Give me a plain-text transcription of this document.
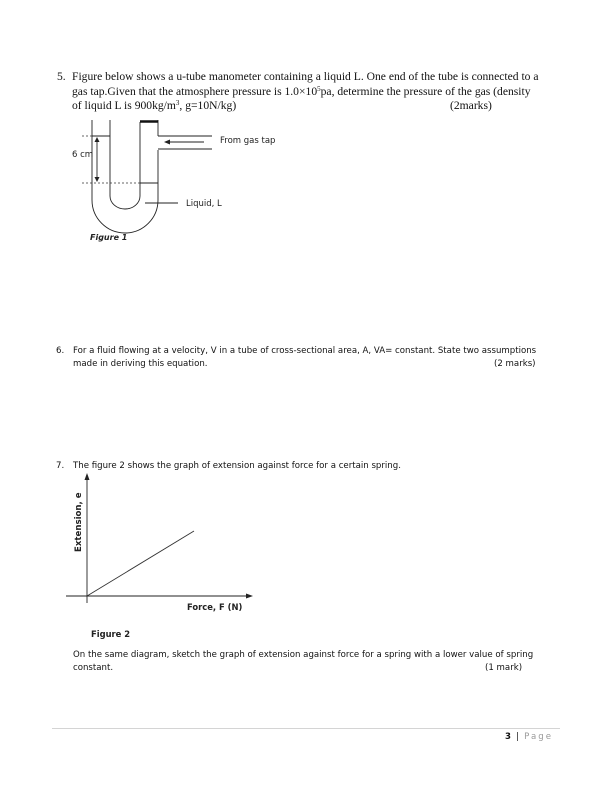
5. Figure below shows a u-tube manometer containing a liquid L. One end of the tube is connected to a
gas tap.Given that the atmosphere pressure is $1.0\times 10^5pa$, determine the pressure of the gas (density
of liquid L is $900kg/m^3$, g=10N/kg)	(2marks)
6 cm
From gas tap
Liquid, L
Figure 1
6. For a fluid flowing at a velocity, V in a tube of cross-sectional area, A, VA= constant. State two assumptions
made in deriving this equation.	(2 marks)
7. The figure 2 shows the graph of extension against force for a certain spring.
Extension, e
Force, F (N)
Figure 2
On the same diagram, sketch the graph of extension against force for a spring with a lower value of spring
constant.	(1 mark)
3 | Page
